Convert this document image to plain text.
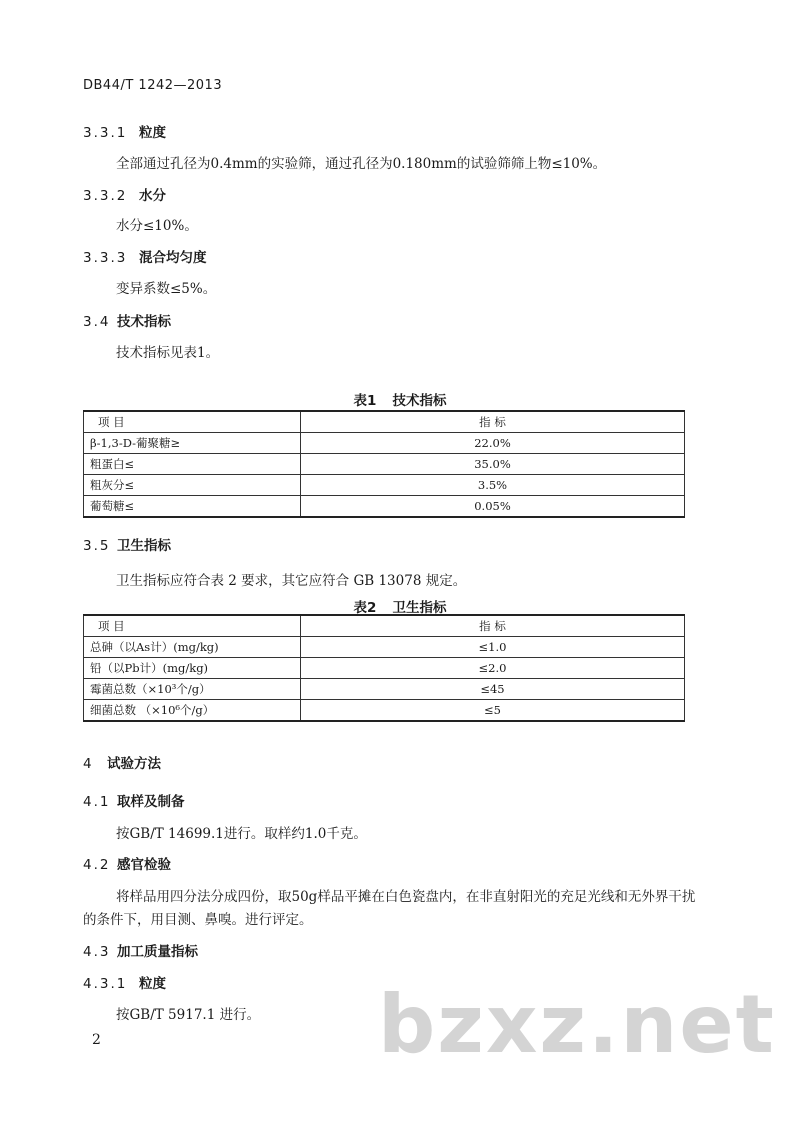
DB44/T 1242—2013
3.3.1 粒度
全部通过孔径为0.4mm的实验筛，通过孔径为0.180mm的试验筛筛上物≤10%。
3.3.2 水分
水分≤10%。
3.3.3 混合均匀度
变异系数≤5%。
3.4 技术指标
技术指标见表1。
表1 技术指标
项 目	指 标
β-1,3-D-葡聚糖≥	22.0%
粗蛋白≤	35.0%
粗灰分≤	3.5%
葡萄糖≤	0.05%
3.5 卫生指标
卫生指标应符合表 2 要求，其它应符合 GB 13078 规定。
表2 卫生指标
项 目	指 标
总砷（以As计）(mg/kg)	≤1.0
铅（以Pb计）(mg/kg)	≤2.0
霉菌总数（×10³个/g）	≤45
细菌总数 （×10⁶个/g）	≤5
4 试验方法
4.1 取样及制备
按GB/T 14699.1进行。取样约1.0千克。
4.2 感官检验
将样品用四分法分成四份，取50g样品平摊在白色瓷盘内，在非直射阳光的充足光线和无外界干扰
的条件下，用目测、鼻嗅。进行评定。
4.3 加工质量指标
4.3.1 粒度
按GB/T 5917.1 进行。 bzxz.net
2
